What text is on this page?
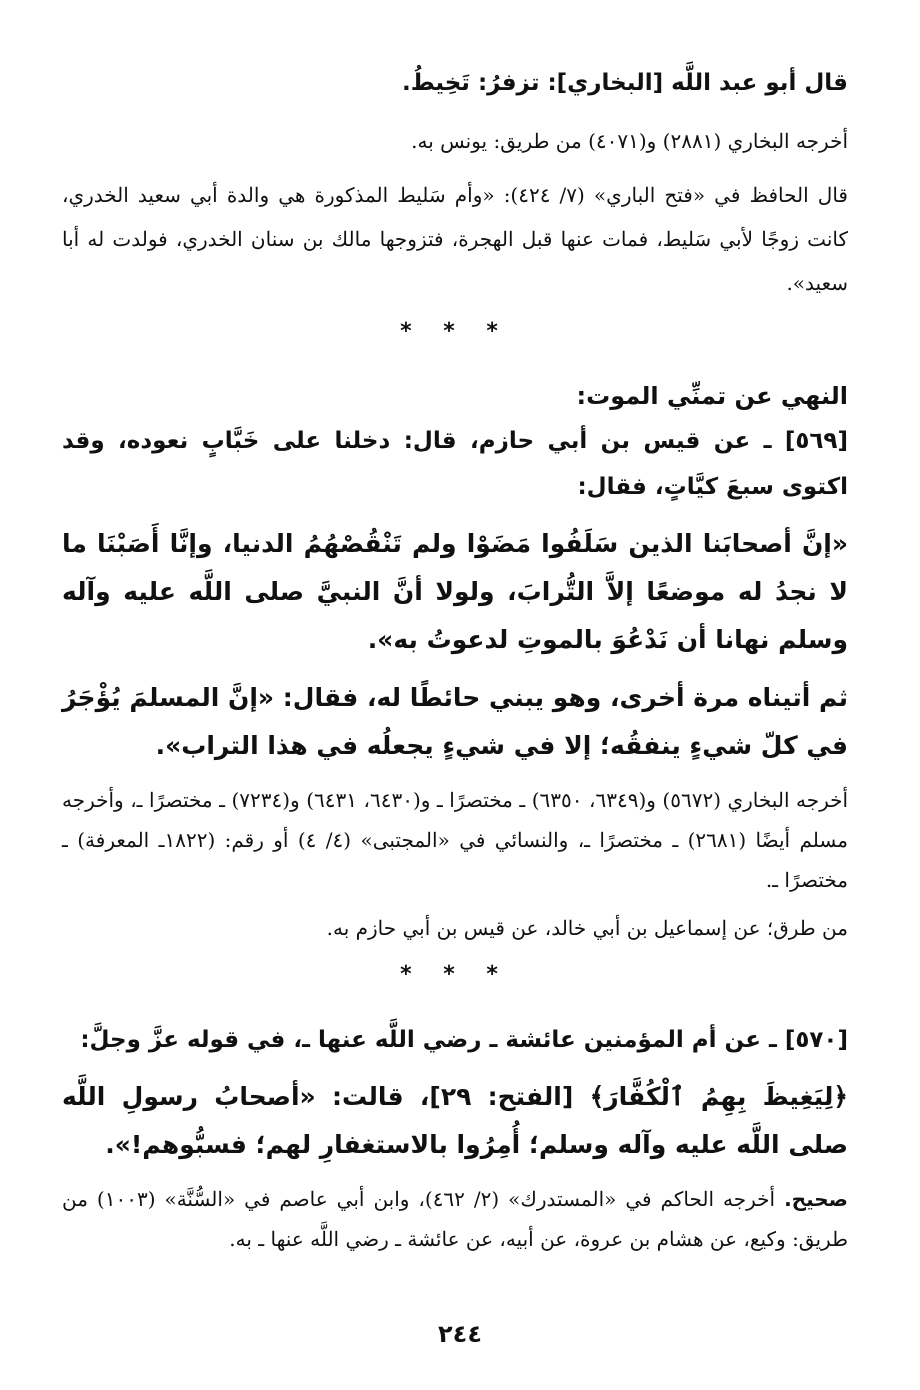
قال أبو عبد اللَّه [البخاري]: تزفرُ: تَخِيطُ.

أخرجه البخاري (٢٨٨١) و(٤٠٧١) من طريق: يونس به.

قال الحافظ في «فتح الباري» (٧/ ٤٢٤): «وأم سَليط المذكورة هي والدة أبي سعيد الخدري، كانت زوجًا لأبي سَليط، فمات عنها قبل الهجرة، فتزوجها مالك بن سنان الخدري، فولدت له أبا سعيد».

* * *

النهي عن تمنِّي الموت:

[٥٦٩] ـ عن قيس بن أبي حازم، قال: دخلنا على خَبَّابٍ نعوده، وقد اكتوى سبعَ كيَّاتٍ، فقال:

«إنَّ أصحابَنا الذين سَلَفُوا مَضَوْا ولم تَنْقُصْهُمُ الدنيا، وإنَّا أَصَبْنَا ما لا نجدُ له موضعًا إلاَّ التُّرابَ، ولولا أنَّ النبيَّ صلى اللَّه عليه وآله وسلم نهانا أن نَدْعُوَ بالموتِ لدعوتُ به».

ثم أتيناه مرة أخرى، وهو يبني حائطًا له، فقال: «إنَّ المسلمَ يُؤْجَرُ في كلّ شيءٍ ينفقُه؛ إلا في شيءٍ يجعلُه في هذا التراب».

أخرجه البخاري (٥٦٧٢) و(٦٣٤٩، ٦٣٥٠) ـ مختصرًا ـ و(٦٤٣٠، ٦٤٣١) و(٧٢٣٤) ـ مختصرًا ـ، وأخرجه مسلم أيضًا (٢٦٨١) ـ مختصرًا ـ، والنسائي في «المجتبى» (٤/ ٤) أو رقم: (١٨٢٢ـ المعرفة) ـ مختصرًا ـ.

من طرق؛ عن إسماعيل بن أبي خالد، عن قيس بن أبي حازم به.

* * *

[٥٧٠] ـ عن أم المؤمنين عائشة ـ رضي اللَّه عنها ـ، في قوله عزَّ وجلَّ:

﴿لِيَغِيظَ بِهِمُ ٱلْكُفَّارَ﴾ [الفتح: ٢٩]، قالت: «أصحابُ رسولِ اللَّه صلى اللَّه عليه وآله وسلم؛ أُمِرُوا بالاستغفارِ لهم؛ فسبُّوهم!».

صحيح. أخرجه الحاكم في «المستدرك» (٢/ ٤٦٢)، وابن أبي عاصم في «السُّنَّة» (١٠٠٣) من طريق: وكيع، عن هشام بن عروة، عن أبيه، عن عائشة ـ رضي اللَّه عنها ـ به.

٢٤٤
